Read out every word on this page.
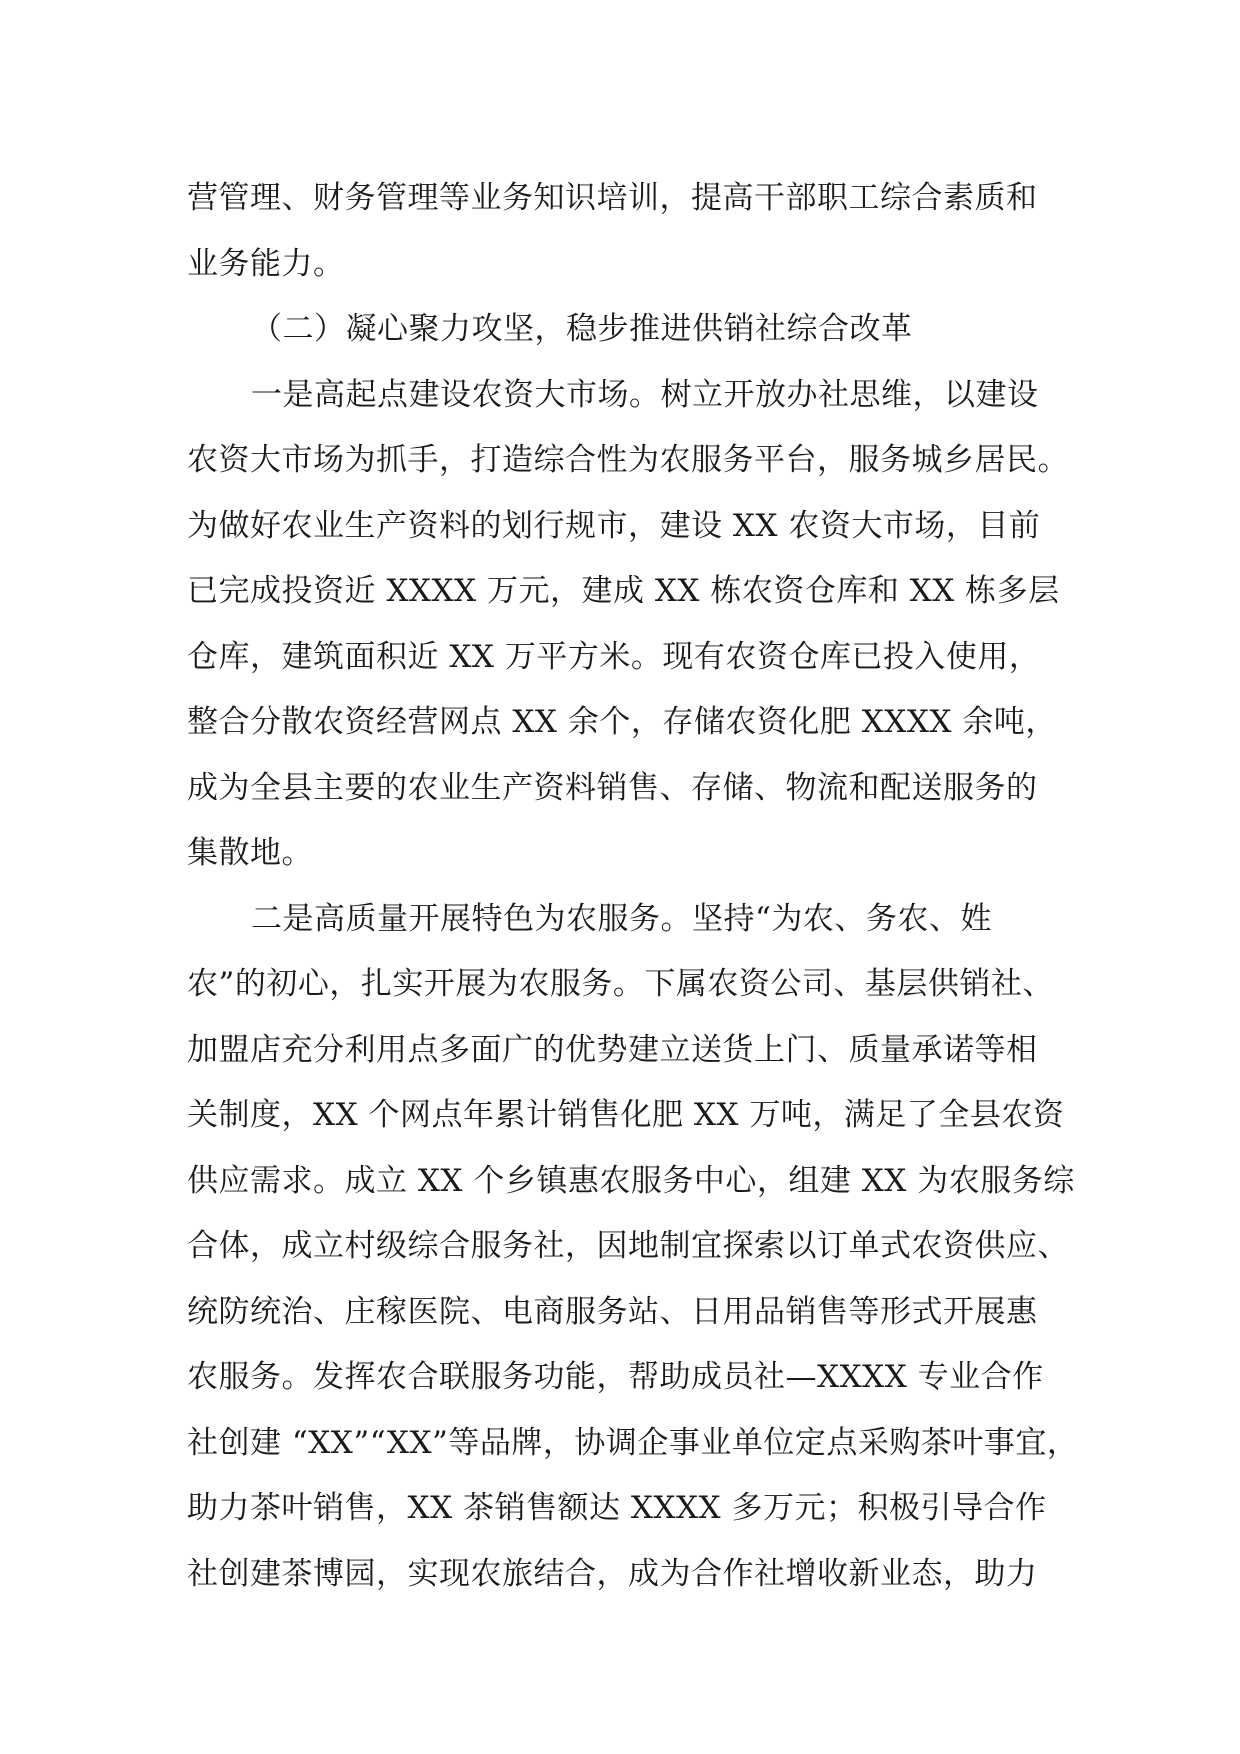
营管理、财务管理等业务知识培训，提高干部职工综合素质和
业务能力。
（二）凝心聚力攻坚，稳步推进供销社综合改革
一是高起点建设农资大市场。树立开放办社思维，以建设
农资大市场为抓手，打造综合性为农服务平台，服务城乡居民。
为做好农业生产资料的划行规市，建设 XX 农资大市场，目前
已完成投资近 XXXX 万元，建成 XX 栋农资仓库和 XX 栋多层
仓库，建筑面积近 XX 万平方米。现有农资仓库已投入使用，
整合分散农资经营网点 XX 余个，存储农资化肥 XXXX 余吨，
成为全县主要的农业生产资料销售、存储、物流和配送服务的
集散地。
二是高质量开展特色为农服务。坚持“为农、务农、姓
农”的初心，扎实开展为农服务。下属农资公司、基层供销社、
加盟店充分利用点多面广的优势建立送货上门、质量承诺等相
关制度，XX 个网点年累计销售化肥 XX 万吨，满足了全县农资
供应需求。成立 XX 个乡镇惠农服务中心，组建 XX 为农服务综
合体，成立村级综合服务社，因地制宜探索以订单式农资供应、
统防统治、庄稼医院、电商服务站、日用品销售等形式开展惠
农服务。发挥农合联服务功能，帮助成员社—XXXX 专业合作
社创建 “XX”“XX”等品牌，协调企事业单位定点采购茶叶事宜，
助力茶叶销售，XX 茶销售额达 XXXX 多万元；积极引导合作
社创建茶博园，实现农旅结合，成为合作社增收新业态，助力
